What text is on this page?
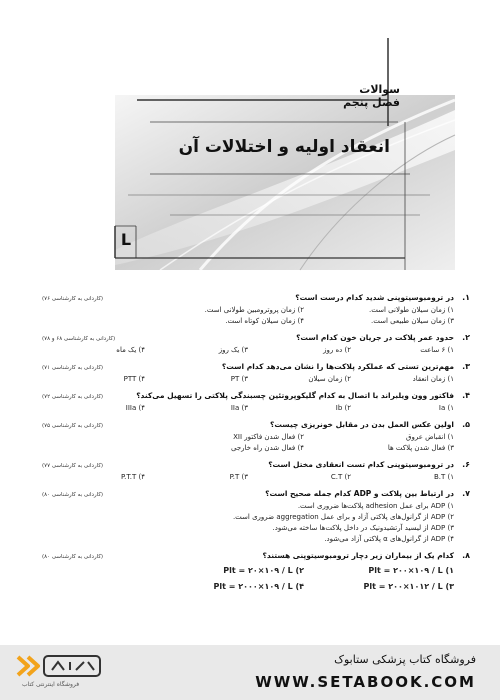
سوالات فصل پنجم
انعقاد اولیه و اختلالات آن
L
۱.
در ترومبوسیتوپنی شدید کدام درست است؟
(کاردانی به کارشناسی ۷۶)
۱) زمان سیلان طولانی است.
۲) زمان پروترومبین طولانی است.
۳) زمان سیلان طبیعی است.
۴) زمان سیلان کوتاه است.
۲.
حدود عمر پلاکت در جریان خون کدام است؟
(کاردانی به کارشناسی ۶۸ و ۷۸)
۱) ۶ ساعت
۲) ده روز
۳) یک روز
۴) یک ماه
۳.
مهم‌ترین تستی که عملکرد پلاکت‌ها را نشان می‌دهد کدام است؟
(کاردانی به کارشناسی ۷۱)
۱) زمان انعقاد
۲) زمان سیلان
PT (۳
PTT (۴
۴.
فاکتور وون ویلبراند با اتصال به کدام گلیکوپروتئین چسبندگی پلاکتی را تسهیل می‌کند؟
(کاردانی به کارشناسی ۷۲)
Ia (۱
Ib (۲
IIa (۳
IIIa (۴
۵.
اولین عکس العمل بدن در مقابل خونریزی چیست؟
(کاردانی به کارشناسی ۷۵)
۱) انقباض عروق
۲) فعال شدن فاکتور XII
۳) فعال شدن پلاکت ها
۴) فعال شدن راه خارجی
۶.
در ترومبوسیتوپنی کدام تست انعقادی مختل است؟
(کاردانی به کارشناسی ۷۷)
B.T (۱
C.T (۲
P.T (۳
P.T.T (۴
۷.
در ارتباط بین پلاکت و ADP کدام جمله صحیح است؟
(کاردانی به کارشناسی ۸۰)
۱) ADP برای عمل adhesion پلاکت‌ها ضروری است.
۲) ADP از گرانول‌های پلاکتی آزاد و برای عمل aggregation ضروری است.
۳) ADP از لیسید آرتشیدونیک در داخل پلاکت‌ها ساخته می‌شود.
۴) ADP از گرانول‌های α پلاکتی آزاد می‌شود.
۸.
کدام یک از بیماران زیر دچار ترومبوسیتوپنی هستند؟
(کاردانی به کارشناسی ۸۰)
Plt = ۲۰۰×۱۰۹ / L (۱
Plt = ۲۰×۱۰۹ / L (۲
Plt = ۲۰۰×۱۰۱۲ / L (۳
Plt = ۲۰۰۰×۱۰۹ / L (۴
فروشگاه اینترنتی کتاب
فروشگاه کتاب پزشکی ستابوک
WWW.SETABOOK.COM
